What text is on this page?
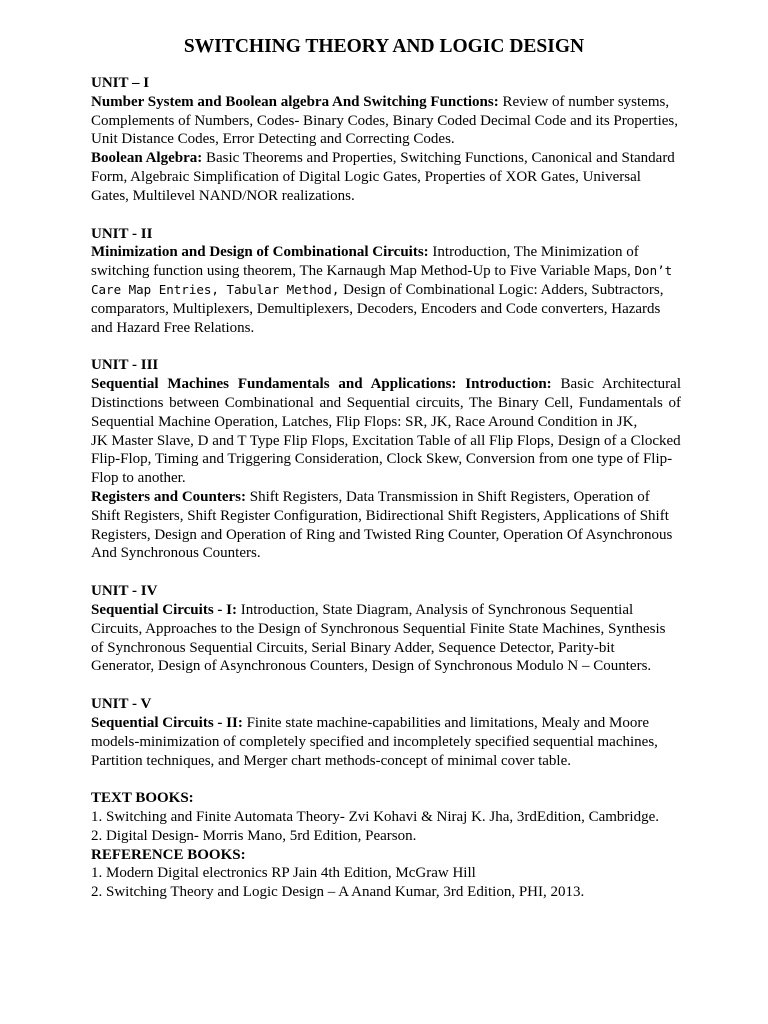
SWITCHING THEORY AND LOGIC DESIGN
UNIT – I

Number System and Boolean algebra And Switching Functions: Review of number systems, Complements of Numbers, Codes- Binary Codes, Binary Coded Decimal Code and its Properties, Unit Distance Codes, Error Detecting and Correcting Codes.

Boolean Algebra: Basic Theorems and Properties, Switching Functions, Canonical and Standard Form, Algebraic Simplification of Digital Logic Gates, Properties of XOR Gates, Universal Gates, Multilevel NAND/NOR realizations.

UNIT - II

Minimization and Design of Combinational Circuits: Introduction, The Minimization of switching function using theorem, The Karnaugh Map Method-Up to Five Variable Maps, Don’t Care Map Entries, Tabular Method, Design of Combinational Logic: Adders, Subtractors, comparators, Multiplexers, Demultiplexers, Decoders, Encoders and Code converters, Hazards and Hazard Free Relations.

UNIT - III

Sequential Machines Fundamentals and Applications: Introduction: Basic Architectural Distinctions between Combinational and Sequential circuits, The Binary Cell, Fundamentals of Sequential Machine Operation, Latches, Flip Flops: SR, JK, Race Around Condition in JK,

JK Master Slave, D and T Type Flip Flops, Excitation Table of all Flip Flops, Design of a Clocked Flip-Flop, Timing and Triggering Consideration, Clock Skew, Conversion from one type of Flip-Flop to another.

Registers and Counters: Shift Registers, Data Transmission in Shift Registers, Operation of Shift Registers, Shift Register Configuration, Bidirectional Shift Registers, Applications of Shift Registers, Design and Operation of Ring and Twisted Ring Counter, Operation Of Asynchronous And Synchronous Counters.

UNIT - IV

Sequential Circuits - I: Introduction, State Diagram, Analysis of Synchronous Sequential Circuits, Approaches to the Design of Synchronous Sequential Finite State Machines, Synthesis of Synchronous Sequential Circuits, Serial Binary Adder, Sequence Detector, Parity-bit Generator, Design of Asynchronous Counters, Design of Synchronous Modulo N – Counters.

UNIT - V

Sequential Circuits - II: Finite state machine-capabilities and limitations, Mealy and Moore models-minimization of completely specified and incompletely specified sequential machines, Partition techniques, and Merger chart methods-concept of minimal cover table.

TEXT BOOKS:
1. Switching and Finite Automata Theory- Zvi Kohavi & Niraj K. Jha, 3rdEdition, Cambridge.
2. Digital Design- Morris Mano, 5rd Edition, Pearson.
REFERENCE BOOKS:
1. Modern Digital electronics RP Jain 4th Edition, McGraw Hill
2. Switching Theory and Logic Design – A Anand Kumar, 3rd Edition, PHI, 2013.
